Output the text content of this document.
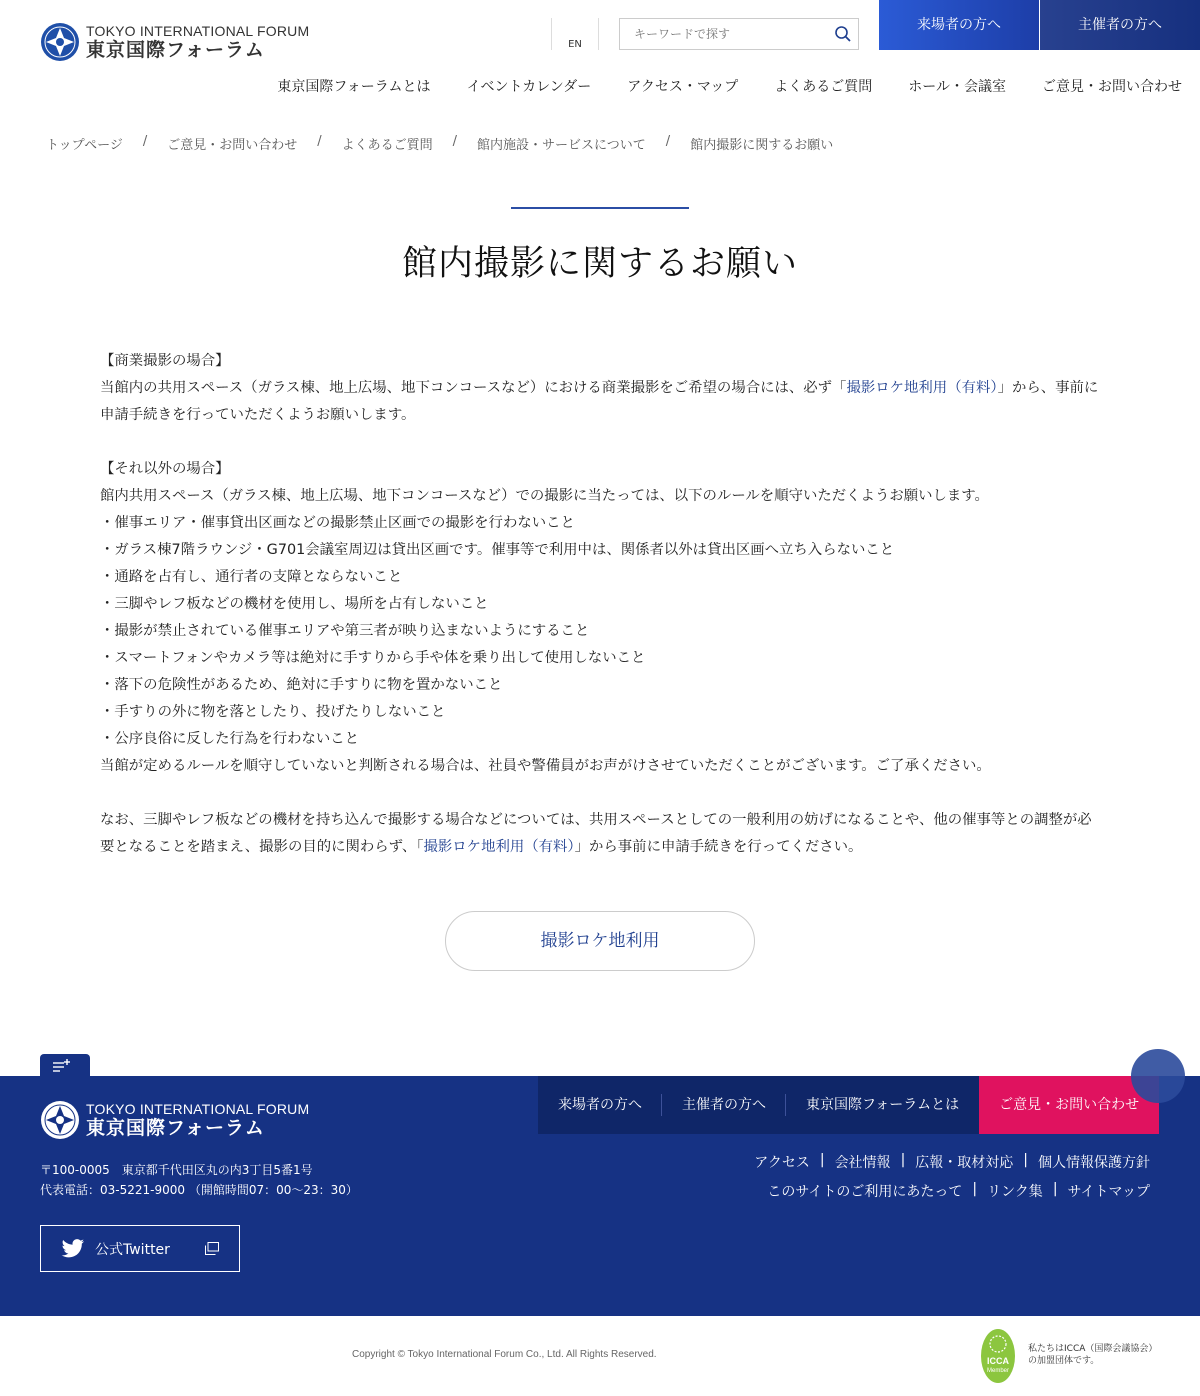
TOKYO INTERNATIONAL FORUM
東京国際フォーラム	EN
キーワードで探す
来場者の方へ	主催者の方へ
東京国際フォーラムとは	イベントカレンダー	アクセス・マップ	よくあるご質問	ホール・会議室	ご意見・お問い合わせ
トップページ / ご意見・お問い合わせ / よくあるご質問 / 館内施設・サービスについて / 館内撮影に関するお願い
館内撮影に関するお願い

【商業撮影の場合】

当館内の共用スペース（ガラス棟、地上広場、地下コンコースなど）における商業撮影をご希望の場合には、必ず「撮影ロケ地利用（有料）」から、事前に申請手続きを行っていただくようお願いします。

【それ以外の場合】

館内共用スペース（ガラス棟、地上広場、地下コンコースなど）での撮影に当たっては、以下のルールを順守いただくようお願いします。

・催事エリア・催事貸出区画などの撮影禁止区画での撮影を行わないこと

・ガラス棟7階ラウンジ・G701会議室周辺は貸出区画です。催事等で利用中は、関係者以外は貸出区画へ立ち入らないこと

・通路を占有し、通行者の支障とならないこと

・三脚やレフ板などの機材を使用し、場所を占有しないこと

・撮影が禁止されている催事エリアや第三者が映り込まないようにすること

・スマートフォンやカメラ等は絶対に手すりから手や体を乗り出して使用しないこと

・落下の危険性があるため、絶対に手すりに物を置かないこと

・手すりの外に物を落としたり、投げたりしないこと

・公序良俗に反した行為を行わないこと

当館が定めるルールを順守していないと判断される場合は、社員や警備員がお声がけさせていただくことがございます。ご了承ください。

なお、三脚やレフ板などの機材を持ち込んで撮影する場合などについては、共用スペースとしての一般利用の妨げになることや、他の催事等との調整が必要となることを踏まえ、撮影の目的に関わらず、「撮影ロケ地利用（有料）」から事前に申請手続きを行ってください。

撮影ロケ地利用
TOKYO INTERNATIONAL FORUM
東京国際フォーラム
〒100-0005　東京都千代田区丸の内3丁目5番1号
代表電話：03-5221-9000 （開館時間07：00〜23：30）
公式Twitter
来場者の方へ	主催者の方へ	東京国際フォーラムとは	ご意見・お問い合わせ
アクセス | 会社情報 | 広報・取材対応 | 個人情報保護方針
このサイトのご利用にあたって | リンク集 | サイトマップ
Copyright © Tokyo International Forum Co., Ltd. All Rights Reserved.
ICCA
Member
私たちはICCA（国際会議協会）
の加盟団体です。
